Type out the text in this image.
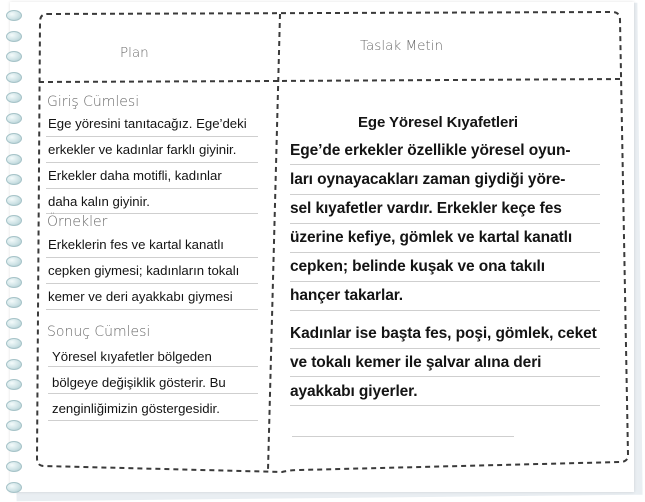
Plan	Taslak Metin
Giriş Cümlesi
Ege yöresini tanıtacağız. Ege’deki
erkekler ve kadınlar farklı giyinir.
Erkekler daha motifli, kadınlar
daha kalın giyinir.
Örnekler
Erkeklerin fes ve kartal kanatlı
cepken giymesi; kadınların tokalı
kemer ve deri ayakkabı giymesi
Sonuç Cümlesi
Yöresel kıyafetler bölgeden
bölgeye değişiklik gösterir. Bu
zenginliğimizin göstergesidir.
Ege Yöresel Kıyafetleri
Ege’de erkekler özellikle yöresel oyun-
ları oynayacakları zaman giydiği yöre-
sel kıyafetler vardır. Erkekler keçe fes
üzerine kefiye, gömlek ve kartal kanatlı
cepken; belinde kuşak ve ona takılı
hançer takarlar.
Kadınlar ise başta fes, poşi, gömlek, ceket
ve tokalı kemer ile şalvar alına deri
ayakkabı giyerler.
